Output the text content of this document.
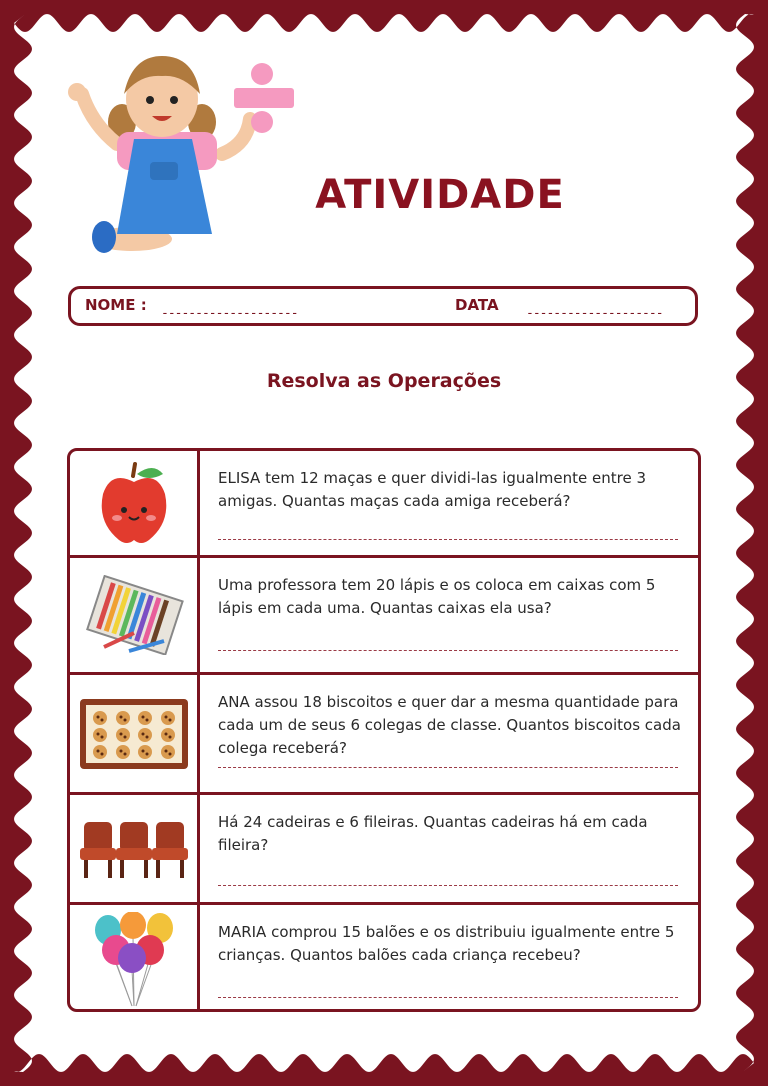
ATIVIDADE
NOME : --------------------	DATA --------------------
Resolva as Operações
ELISA tem 12 maças e quer dividi-las igualmente entre 3 amigas. Quantas maças cada amiga receberá?
Uma professora tem 20 lápis e os coloca em caixas com 5 lápis em cada uma. Quantas caixas ela usa?
ANA assou 18 biscoitos e quer dar a mesma quantidade para cada um de seus 6 colegas de classe. Quantos biscoitos cada colega receberá?
Há 24 cadeiras e 6 fileiras. Quantas cadeiras há em cada fileira?
MARIA comprou 15 balões e os distribuiu igualmente entre 5 crianças. Quantos balões cada criança recebeu?
